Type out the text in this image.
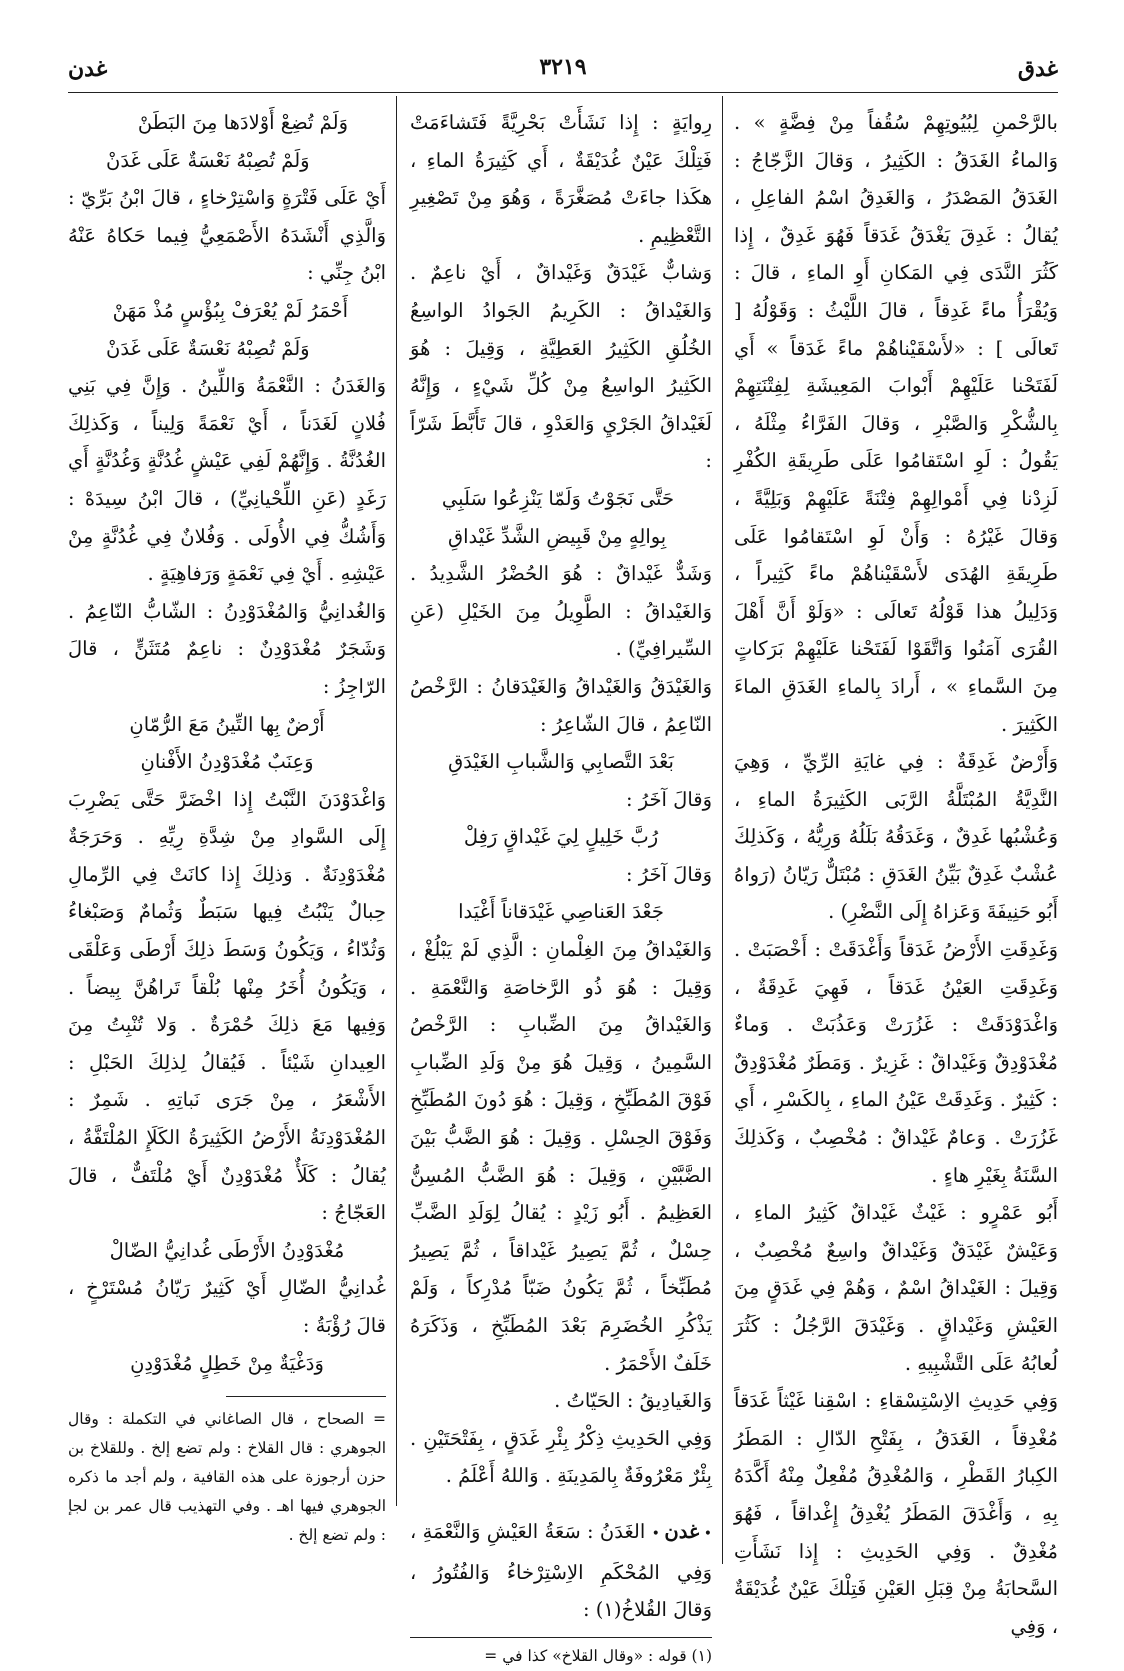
غدق
٣٢١٩
غدن

بالرَّحْمنِ لِبُيُوتِهِمْ سُقُفاً مِنْ فِضَّةٍ » . وَالماءُ الغَدَقُ : الكَثِيرُ ، وَقالَ الزَّجّاجُ : الغَدَقُ المَصْدَرُ ، وَالغَدِقُ اسْمُ الفاعِلِ ، يُقالُ : غَدِقَ يَغْدَقُ غَدَقاً فَهُوَ غَدِقٌ ، إِذا كَثُرَ النَّدَى فِي المَكانِ أَوِ الماءِ ، قالَ : وَيُقْرَأُ ماءً غَدِقاً ، قالَ اللَّيْثُ : وَقَوْلُهُ [ تَعالَى ] : «لأَسْقَيْناهُمْ ماءً غَدَقاً » أَي لَفَتَحْنا عَلَيْهِمْ أَبْوابَ المَعِيشَةِ لِفِتْنَتِهِمْ بِالشُّكْرِ وَالصَّبْرِ ، وَقالَ الفَرَّاءُ مِثْلَهُ ، يَقُولُ : لَوِ اسْتَقامُوا عَلَى طَرِيقَةِ الكُفْرِ لَزِدْنا فِي أَمْوالِهِمْ فِتْنَةً عَلَيْهِمْ وَبَلِيَّةً ، وَقالَ غَيْرُهُ : وَأَنْ لَوِ اسْتَقامُوا عَلَى طَرِيقَةِ الهُدَى لأَسْقَيْناهُمْ ماءً كَثِيراً ، وَدَلِيلُ هذا قَوْلُهُ تَعالَى : «وَلَوْ أَنَّ أَهْلَ القُرَى آمَنُوا وَاتَّقَوْا لَفَتَحْنا عَلَيْهِمْ بَرَكاتٍ مِنَ السَّماءِ » ، أَرادَ بِالماءِ الغَدَقِ الماءَ الكَثِيرَ .

وَأَرْضٌ غَدِقَةٌ : فِي غايَةِ الرِّيِّ ، وَهِيَ النَّدِيَّةُ المُبْتَلَّةُ الرَّبَى الكَثِيرَةُ الماءِ ، وَعُشْبُها غَدِقٌ ، وَغَدَقُهُ بَلَلُهُ وَرِيُّهُ ، وَكَذلِكَ عُشْبٌ غَدِقٌ بَيِّنُ الغَدَقِ : مُبْتَلٌّ رَيّانُ (رَواهُ أَبُو حَنِيفَةَ وَعَزاهُ إِلَى النَّضْرِ) .

وَغَدِقَتِ الأَرْضُ غَدَقاً وَأَغْدَقَتْ : أَخْصَبَتْ . وَغَدِقَتِ العَيْنُ غَدَقاً ، فَهِيَ غَدِقَةٌ ، وَاغْدَوْدَقَتْ : غَزُرَتْ وَعَذُبَتْ . وَماءٌ مُغْدَوْدِقٌ وَغَيْداقٌ : غَزِيرٌ . وَمَطَرٌ مُغْدَوْدِقٌ : كَثِيرٌ . وَغَدِقَتْ عَيْنُ الماءِ ، بِالكَسْرِ ، أَي غَزُرَتْ . وَعامٌ غَيْداقٌ : مُخْصِبٌ ، وَكَذلِكَ السَّنَةُ بِغَيْرِ هاءٍ .

أَبُو عَمْرٍو : غَيْثٌ غَيْداقٌ كَثِيرُ الماءِ ، وَعَيْشٌ غَيْدَقٌ وَغَيْداقٌ واسِعٌ مُخْصِبٌ ، وَقِيلَ : الغَيْداقُ اسْمٌ ، وَهُمْ فِي غَدَقٍ مِنَ العَيْشِ وَغَيْداقٍ . وَغَيْدَقَ الرَّجُلُ : كَثُرَ لُعابُهُ عَلَى التَّشْبِيهِ .

وَفِي حَدِيثِ الاِسْتِسْقاءِ : اسْقِنا غَيْثاً غَدَقاً مُغْدِقاً ، الغَدَقُ ، بِفَتْحِ الدّالِ : المَطَرُ الكِبارُ القَطْرِ ، وَالمُغْدِقُ مُفْعِلٌ مِنْهُ أَكَّدَهُ بِهِ ، وَأَغْدَقَ المَطَرُ يُغْدِقُ إِغْداقاً ، فَهُوَ مُغْدِقٌ . وَفِي الحَدِيثِ : إِذا نَشَأَتِ السَّحابَةُ مِنْ قِبَلِ العَيْنِ فَتِلْكَ عَيْنٌ غُدَيْقَةٌ ، وَفِي

رِوايَةٍ : إِذا نَشَأَتْ بَحْرِيَّةً فَتَشاءَمَتْ فَتِلْكَ عَيْنٌ غُدَيْقَةٌ ، أَي كَثِيرَةُ الماءِ ، هكَذا جاءَتْ مُصَغَّرَةً ، وَهُوَ مِنْ تَصْغِيرِ التَّعْظِيمِ .

وَشابٌّ غَيْدَقٌ وَغَيْداقٌ ، أَيْ ناعِمٌ . وَالغَيْداقُ : الكَرِيمُ الجَوادُ الواسِعُ الخُلُقِ الكَثِيرُ العَطِيَّةِ ، وَقِيلَ : هُوَ الكَثِيرُ الواسِعُ مِنْ كُلِّ شَيْءٍ ، وَإِنَّهُ لَغَيْداقُ الجَرْيِ وَالعَدْوِ ، قالَ تَأَبَّطَ شَرّاً :

حَتَّى نَجَوْتُ وَلَمّا يَنْزِعُوا سَلَبِي

بِوالِهٍ مِنْ قَبِيضِ الشَّدِّ غَيْداقِ

وَشَدٌّ غَيْداقٌ : هُوَ الحُضْرُ الشَّدِيدُ . وَالغَيْداقُ : الطَّوِيلُ مِنَ الخَيْلِ (عَنِ السِّيرافِيِّ) .

وَالغَيْدَقُ وَالغَيْداقُ وَالغَيْدَقانُ : الرَّخْصُ النّاعِمُ ، قالَ الشّاعِرُ :

بَعْدَ التَّصابِي وَالشَّبابِ الغَيْدَقِ

وَقالَ آخَرُ :

رُبَّ خَلِيلٍ لِيَ غَيْداقٍ رَفِلْ

وَقالَ آخَرُ :

جَعْدَ العَناصِي غَيْدَقاناً أَغْيَدا

وَالغَيْداقُ مِنَ الغِلْمانِ : الَّذِي لَمْ يَبْلُغْ ، وَقِيلَ : هُوَ ذُو الرَّخاصَةِ وَالنَّعْمَةِ . وَالغَيْداقُ مِنَ الضِّبابِ : الرَّخْصُ السَّمِينُ ، وَقِيلَ هُوَ مِنْ وَلَدِ الضِّبابِ فَوْقَ المُطَبِّخِ ، وَقِيلَ : هُوَ دُونَ المُطَبِّخِ وَفَوْقَ الحِسْلِ . وَقِيلَ : هُوَ الضَّبُّ بَيْنَ الضَّبَّيْنِ ، وَقِيلَ : هُوَ الضَّبُّ المُسِنُّ العَظِيمُ . أَبُو زَيْدٍ : يُقالُ لِوَلَدِ الضَّبِّ حِسْلٌ ، ثُمَّ يَصِيرُ غَيْداقاً ، ثُمَّ يَصِيرُ مُطَبِّخاً ، ثُمَّ يَكُونُ ضَبّاً مُدْرِكاً ، وَلَمْ يَذْكُرِ الخُضَرِمَ بَعْدَ المُطَبِّخِ ، وَذَكَرَهُ خَلَفٌ الأَحْمَرُ .

وَالغَيادِيقُ : الحَيّاتُ .

وَفِي الحَدِيثِ ذِكْرُ بِئْرِ غَدَقٍ ، بِفَتْحَتَيْنِ . بِئْرٌ مَعْرُوفَةٌ بِالمَدِينَةِ . وَاللهُ أَعْلَمُ .

• غدن • الغَدَنُ : سَعَةُ العَيْشِ وَالنَّعْمَةِ ، وَفِي المُحْكَمِ الاِسْتِرْخاءُ وَالفُتُورُ ، وَقالَ القُلاخُ(١) :

(١) قوله : «وقال القلاخ» كذا في =

وَلَمْ تُضِعْ أَوْلادَها مِنَ البَطَنْ

وَلَمْ تُصِبْهُ نَعْسَةٌ عَلَى غَدَنْ

أَيْ عَلَى فَتْرَةٍ وَاسْتِرْخاءٍ ، قالَ ابْنُ بَرِّيّ : وَالَّذِي أَنْشَدَهُ الأَصْمَعِيُّ فِيما حَكاهُ عَنْهُ ابْنُ جِنِّي :

أَحْمَرُ لَمْ يُعْرَفْ بِبُؤْسٍ مُذْ مَهَنْ

وَلَمْ تُصِبْهُ نَعْسَةٌ عَلَى غَدَنْ

وَالغَدَنُ : النَّعْمَةُ وَاللِّينُ . وَإِنَّ فِي بَنِي فُلانٍ لَغَدَناً ، أَيْ نَعْمَةً وَلِيناً ، وَكَذلِكَ الغُدُنَّةُ . وَإِنَّهُمْ لَفِي عَيْشٍ غُدُنَّةٍ وَغُدُنَّةٍ أَي رَغَدٍ (عَنِ اللِّحْيانِيِّ) ، قالَ ابْنُ سِيدَهْ : وَأَشُكُّ فِي الأُولَى . وَفُلانٌ فِي غُدُنَّةٍ مِنْ عَيْشِهِ . أَيْ فِي نَعْمَةٍ وَرَفاهِيَةٍ .

وَالغُدانِيُّ وَالمُغْدَوْدِنُ : الشّابُّ النّاعِمُ . وَشَجَرٌ مُغْدَوْدِنٌ : ناعِمٌ مُتَثَنٍّ ، قالَ الرّاجِزُ :

أَرْضٌ بِها التِّينُ مَعَ الرُّمّانِ

وَعِنَبٌ مُغْدَوْدِنُ الأَفْنانِ

وَاغْدَوْدَنَ النَّبْتُ إِذا اخْضَرَّ حَتَّى يَضْرِبَ إِلَى السَّوادِ مِنْ شِدَّةِ رِيِّهِ . وَحَرَجَةٌ مُغْدَوْدِنَةٌ . وَذلِكَ إِذا كانَتْ فِي الرِّمالِ حِبالٌ يَنْبُتُ فِيها سَبَطٌ وَثُمامٌ وَصَبْغاءُ وَثُدّاءُ ، وَيَكُونُ وَسَطَ ذلِكَ أَرْطَى وَعَلْقَى ، وَيَكُونُ أُخَرُ مِنْها بُلْقاً تَراهُنَّ بِيضاً . وَفِيها مَعَ ذلِكَ حُمْرَةٌ . وَلا تُنْبِتُ مِنَ العِيدانِ شَيْئاً . فَيُقالُ لِذلِكَ الحَبْلِ : الأَشْعَرُ ، مِنْ جَرَى نَباتِهِ . شَمِرٌ : المُغْدَوْدِنَةُ الأَرْضُ الكَثِيرَةُ الكَلَإِ المُلْتَفَّةُ ، يُقالُ : كَلَأٌ مُغْدَوْدِنٌ أَيْ مُلْتَفٌّ ، قالَ العَجّاجُ :

مُغْدَوْدِنُ الأَرْطَى غُدانِيُّ الضّالْ

غُدانِيُّ الضّالِ أَيْ كَثِيرٌ رَيّانُ مُسْتَرْخٍ ، قالَ رُؤْبَةُ :

وَدَغْيَةٌ مِنْ خَطِلٍ مُغْدَوْدِنِ

= الصحاح ، قال الصاغاني في التكملة : وقال الجوهري : قال القلاخ : ولم تضع إلخ . وللقلاخ بن حزن أرجوزة على هذه القافية ، ولم أجد ما ذكره الجوهري فيها اهـ . وفي التهذيب قال عمر بن لجإ : ولم تضع إلخ .
